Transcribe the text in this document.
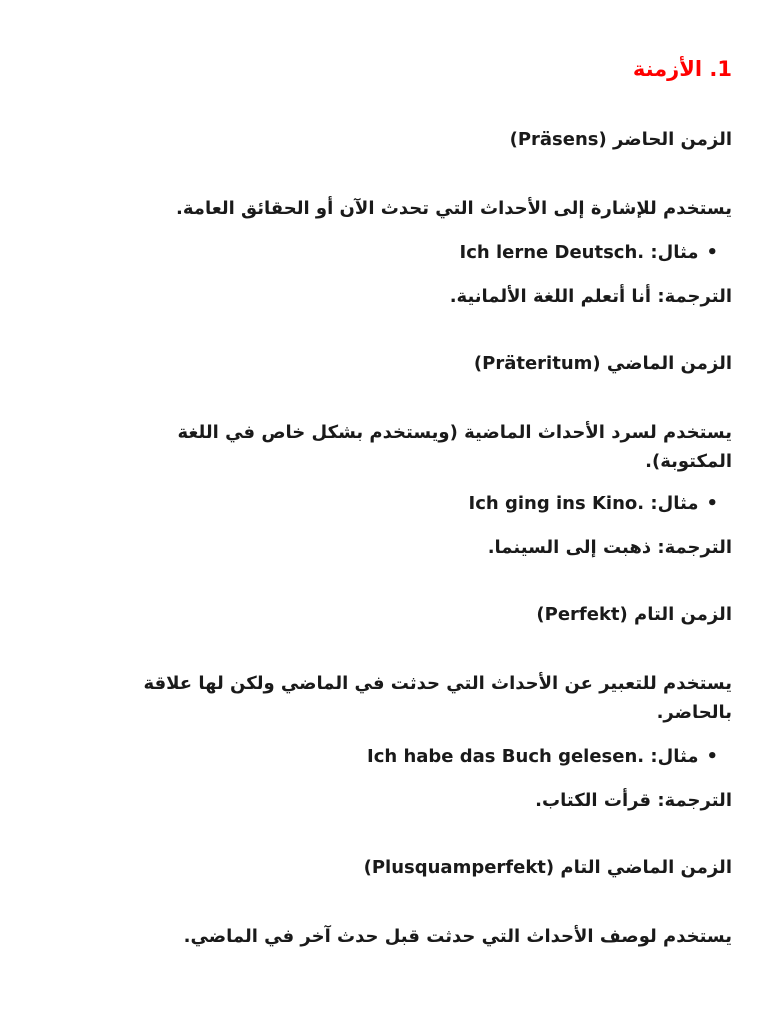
1. الأزمنة
الزمن الحاضر (Präsens)
يستخدم للإشارة إلى الأحداث التي تحدث الآن أو الحقائق العامة.
•مثال: Ich lerne Deutsch.
الترجمة: أنا أتعلم اللغة الألمانية.
الزمن الماضي (Präteritum)
يستخدم لسرد الأحداث الماضية (ويستخدم بشكل خاص في اللغة
المكتوبة).
•مثال: Ich ging ins Kino.
الترجمة: ذهبت إلى السينما.
الزمن التام (Perfekt)
يستخدم للتعبير عن الأحداث التي حدثت في الماضي ولكن لها علاقة
بالحاضر.
•مثال: Ich habe das Buch gelesen.
الترجمة: قرأت الكتاب.
الزمن الماضي التام (Plusquamperfekt)
يستخدم لوصف الأحداث التي حدثت قبل حدث آخر في الماضي.
